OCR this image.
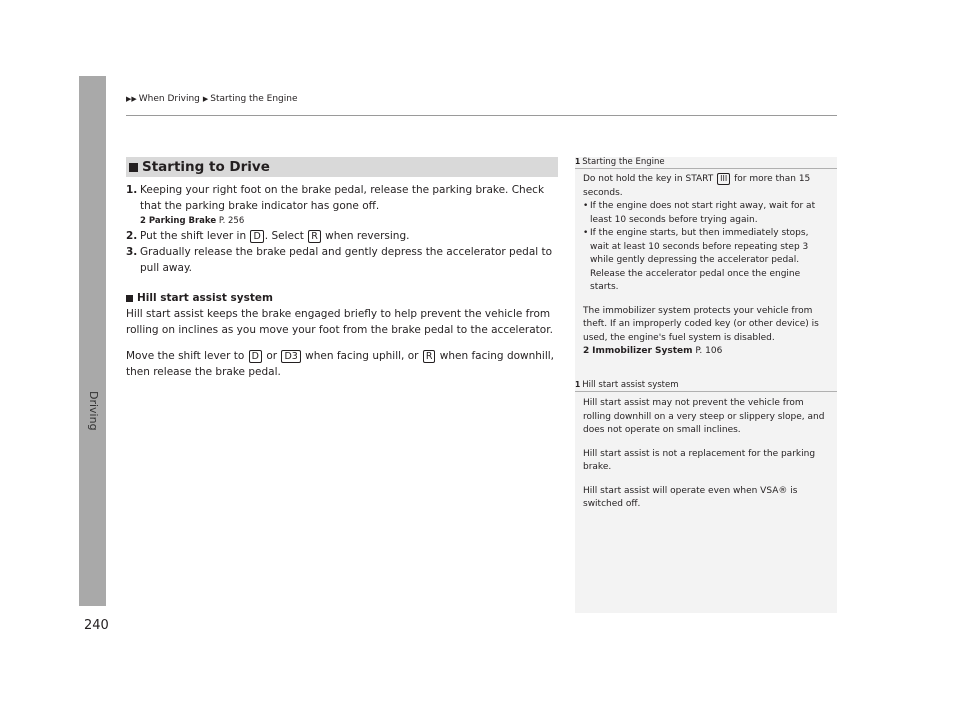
Driving
240
▶▶ When Driving ▶ Starting the Engine
Starting to Drive
1. Keeping your right foot on the brake pedal, release the parking brake. Check that the parking brake indicator has gone off.
2 Parking Brake P. 256
2. Put the shift lever in D . Select R when reversing.
3. Gradually release the brake pedal and gently depress the accelerator pedal to pull away.
Hill start assist system

Hill start assist keeps the brake engaged briefly to help prevent the vehicle from rolling on inclines as you move your foot from the brake pedal to the accelerator.

Move the shift lever to D or D3 when facing uphill, or R when facing downhill, then release the brake pedal.

1 Starting the Engine

Do not hold the key in START III for more than 15 seconds.

• If the engine does not start right away, wait for at least 10 seconds before trying again.
• If the engine starts, but then immediately stops, wait at least 10 seconds before repeating step 3 while gently depressing the accelerator pedal. Release the accelerator pedal once the engine starts.

The immobilizer system protects your vehicle from theft. If an improperly coded key (or other device) is used, the engine's fuel system is disabled.

2 Immobilizer System P. 106

1 Hill start assist system

Hill start assist may not prevent the vehicle from rolling downhill on a very steep or slippery slope, and does not operate on small inclines.

Hill start assist is not a replacement for the parking brake.

Hill start assist will operate even when VSA® is switched off.
